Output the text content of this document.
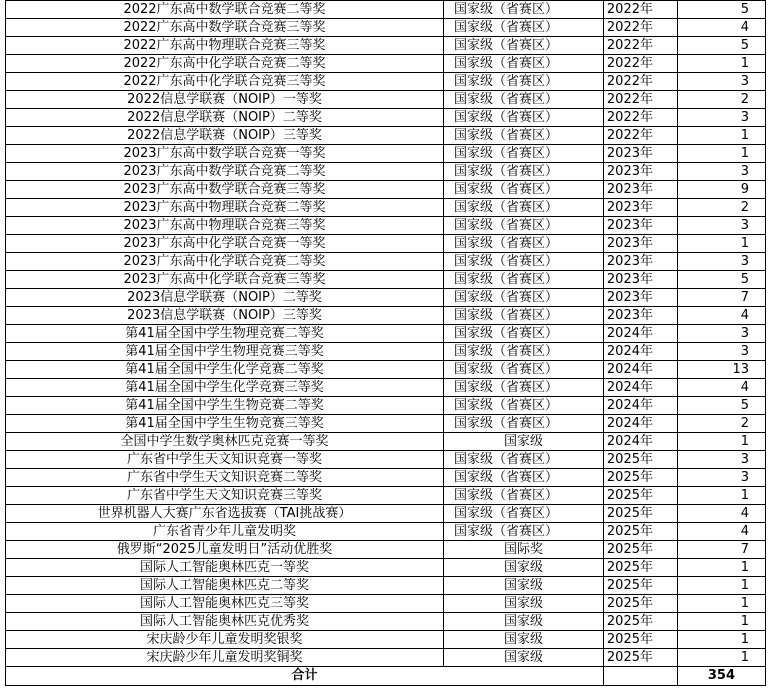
2022广东高中数学联合竞赛二等奖	国家级（省赛区）	2022年	5
2022广东高中数学联合竞赛三等奖	国家级（省赛区）	2022年	4
2022广东高中物理联合竞赛三等奖	国家级（省赛区）	2022年	5
2022广东高中化学联合竞赛二等奖	国家级（省赛区）	2022年	1
2022广东高中化学联合竞赛三等奖	国家级（省赛区）	2022年	3
2022信息学联赛（NOIP）一等奖	国家级（省赛区）	2022年	2
2022信息学联赛（NOIP）二等奖	国家级（省赛区）	2022年	3
2022信息学联赛（NOIP）三等奖	国家级（省赛区）	2022年	1
2023广东高中数学联合竞赛一等奖	国家级（省赛区）	2023年	1
2023广东高中数学联合竞赛二等奖	国家级（省赛区）	2023年	3
2023广东高中数学联合竞赛三等奖	国家级（省赛区）	2023年	9
2023广东高中物理联合竞赛二等奖	国家级（省赛区）	2023年	2
2023广东高中物理联合竞赛三等奖	国家级（省赛区）	2023年	3
2023广东高中化学联合竞赛一等奖	国家级（省赛区）	2023年	1
2023广东高中化学联合竞赛二等奖	国家级（省赛区）	2023年	3
2023广东高中化学联合竞赛三等奖	国家级（省赛区）	2023年	5
2023信息学联赛（NOIP）二等奖	国家级（省赛区）	2023年	7
2023信息学联赛（NOIP）三等奖	国家级（省赛区）	2023年	4
第41届全国中学生物理竞赛二等奖	国家级（省赛区）	2024年	3
第41届全国中学生物理竞赛三等奖	国家级（省赛区）	2024年	3
第41届全国中学生化学竞赛二等奖	国家级（省赛区）	2024年	13
第41届全国中学生化学竞赛三等奖	国家级（省赛区）	2024年	4
第41届全国中学生生物竞赛二等奖	国家级（省赛区）	2024年	5
第41届全国中学生生物竞赛三等奖	国家级（省赛区）	2024年	2
全国中学生数学奥林匹克竞赛一等奖	国家级	2024年	1
广东省中学生天文知识竞赛一等奖	国家级（省赛区）	2025年	3
广东省中学生天文知识竞赛二等奖	国家级（省赛区）	2025年	3
广东省中学生天文知识竞赛三等奖	国家级（省赛区）	2025年	1
世界机器人大赛广东省选拔赛（TAI挑战赛）	国家级（省赛区）	2025年	4
广东省青少年儿童发明奖	国家级（省赛区）	2025年	4
俄罗斯“2025儿童发明日”活动优胜奖	国际奖	2025年	7
国际人工智能奥林匹克一等奖	国家级	2025年	1
国际人工智能奥林匹克二等奖	国家级	2025年	1
国际人工智能奥林匹克三等奖	国家级	2025年	1
国际人工智能奥林匹克优秀奖	国家级	2025年	1
宋庆龄少年儿童发明奖银奖	国家级	2025年	1
宋庆龄少年儿童发明奖铜奖	国家级	2025年	1
合计			354
